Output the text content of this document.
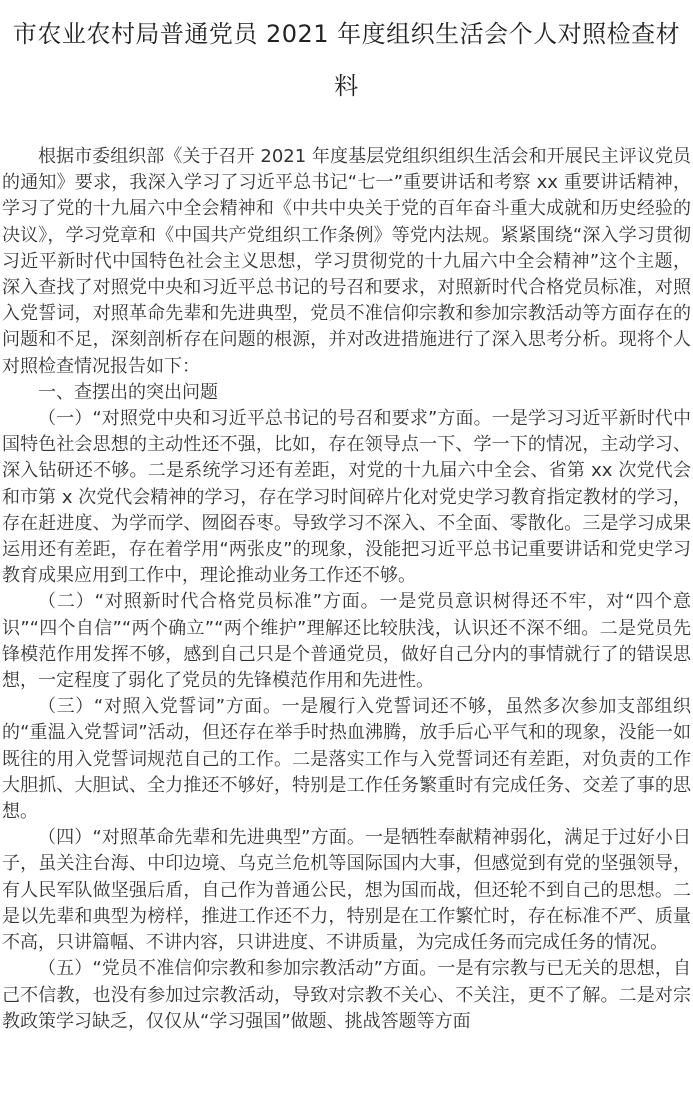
市农业农村局普通党员 2021 年度组织生活会个人对照检查材料

根据市委组织部《关于召开 2021 年度基层党组织组织生活会和开展民主评议党员的通知》要求，我深入学习了习近平总书记“七一”重要讲话和考察 xx 重要讲话精神，学习了党的十九届六中全会精神和《中共中央关于党的百年奋斗重大成就和历史经验的决议》，学习党章和《中国共产党组织工作条例》等党内法规。紧紧围绕“深入学习贯彻习近平新时代中国特色社会主义思想，学习贯彻党的十九届六中全会精神”这个主题，深入查找了对照党中央和习近平总书记的号召和要求，对照新时代合格党员标准，对照入党誓词，对照革命先辈和先进典型，党员不准信仰宗教和参加宗教活动等方面存在的问题和不足，深刻剖析存在问题的根源，并对改进措施进行了深入思考分析。现将个人对照检查情况报告如下：

一、查摆出的突出问题

（一）“对照党中央和习近平总书记的号召和要求”方面。一是学习习近平新时代中国特色社会思想的主动性还不强，比如，存在领导点一下、学一下的情况，主动学习、深入钻研还不够。二是系统学习还有差距，对党的十九届六中全会、省第 xx 次党代会和市第 x 次党代会精神的学习，存在学习时间碎片化对党史学习教育指定教材的学习，存在赶进度、为学而学、囫囵吞枣。导致学习不深入、不全面、零散化。三是学习成果运用还有差距，存在着学用“两张皮”的现象，没能把习近平总书记重要讲话和党史学习教育成果应用到工作中，理论推动业务工作还不够。

（二）“对照新时代合格党员标准”方面。一是党员意识树得还不牢，对“四个意识”“四个自信”“两个确立”“两个维护”理解还比较肤浅，认识还不深不细。二是党员先锋模范作用发挥不够，感到自己只是个普通党员，做好自己分内的事情就行了的错误思想，一定程度了弱化了党员的先锋模范作用和先进性。

（三）“对照入党誓词”方面。一是履行入党誓词还不够，虽然多次参加支部组织的“重温入党誓词”活动，但还存在举手时热血沸腾，放手后心平气和的现象，没能一如既往的用入党誓词规范自己的工作。二是落实工作与入党誓词还有差距，对负责的工作大胆抓、大胆试、全力推还不够好，特别是工作任务繁重时有完成任务、交差了事的思想。

（四）“对照革命先辈和先进典型”方面。一是牺牲奉献精神弱化，满足于过好小日子，虽关注台海、中印边境、乌克兰危机等国际国内大事，但感觉到有党的坚强领导，有人民军队做坚强后盾，自己作为普通公民，想为国而战，但还轮不到自己的思想。二是以先辈和典型为榜样，推进工作还不力，特别是在工作繁忙时，存在标准不严、质量不高，只讲篇幅、不讲内容，只讲进度、不讲质量，为完成任务而完成任务的情况。

（五）“党员不准信仰宗教和参加宗教活动”方面。一是有宗教与已无关的思想，自己不信教，也没有参加过宗教活动，导致对宗教不关心、不关注，更不了解。二是对宗教政策学习缺乏，仅仅从“学习强国”做题、挑战答题等方面
